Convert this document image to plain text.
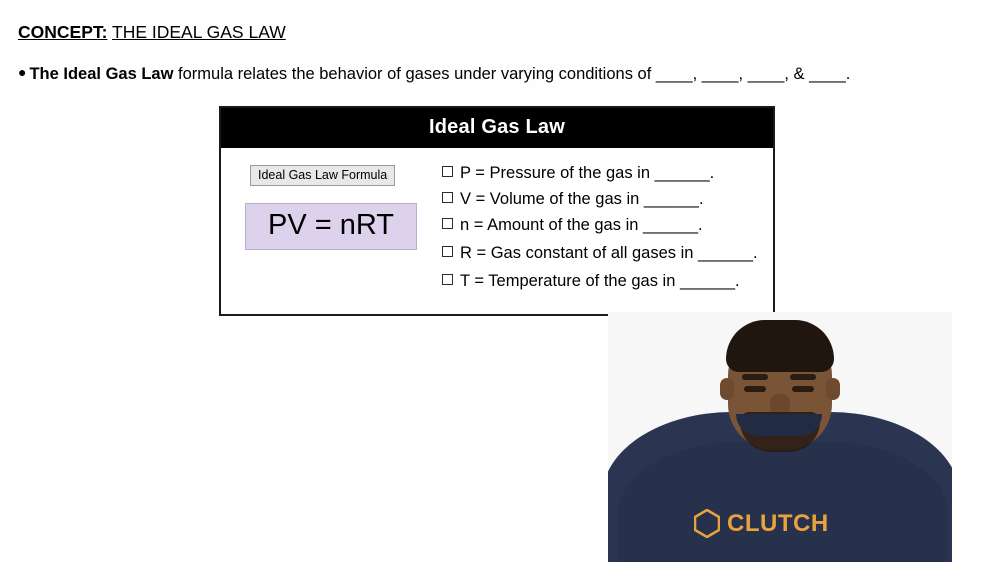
CONCEPT: THE IDEAL GAS LAW
● The Ideal Gas Law formula relates the behavior of gases under varying conditions of ____, ____, ____, & ____.
Ideal Gas Law
Ideal Gas Law Formula PV = nRT
P = Pressure of the gas in ______.
V = Volume of the gas in ______.
n = Amount of the gas in ______.
R = Gas constant of all gases in ______.
T = Temperature of the gas in ______.
CLUTCH
